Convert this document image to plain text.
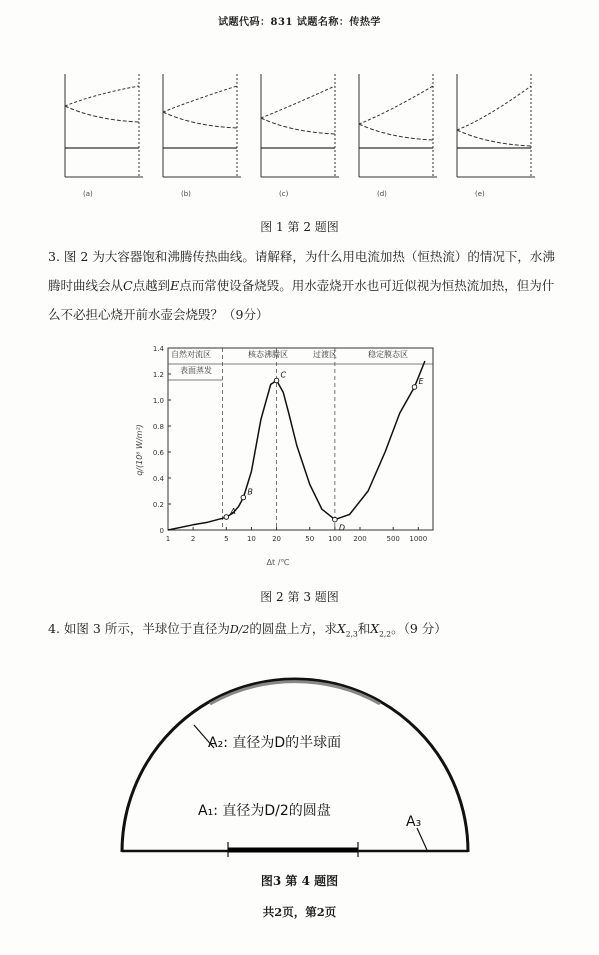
试题代码：831 试题名称：传热学
(a)	(b)	(c)	(d)	(e)
图 1 第 2 题图
3. 图 2 为大容器饱和沸腾传热曲线。请解释，为什么用电流加热（恒热流）的情况下，水沸腾时曲线会从C点越到E点而常使设备烧毁。用水壶烧开水也可近似视为恒热流加热，但为什么不必担心烧开前水壶会烧毁？（9分）
0
0.2
0.4
0.6
0.8
1.0
1.2
1.4
1	2	5	10 20	50 100 200	500 1000
A
B
C
D
E
自然对流区	核态沸腾区	过渡区	稳定膜态区
表面蒸发
q/(10⁶ W/m²)
Δt /℃
图 2 第 3 题图
4. 如图 3 所示，半球位于直径为D/2的圆盘上方，求$X_{2,3}$和$X_{2,2}$。（9 分）
A₂: 直径为D的半球面
A₁: 直径为D/2的圆盘
A₃
图3 第 4 题图
共2页，第2页
